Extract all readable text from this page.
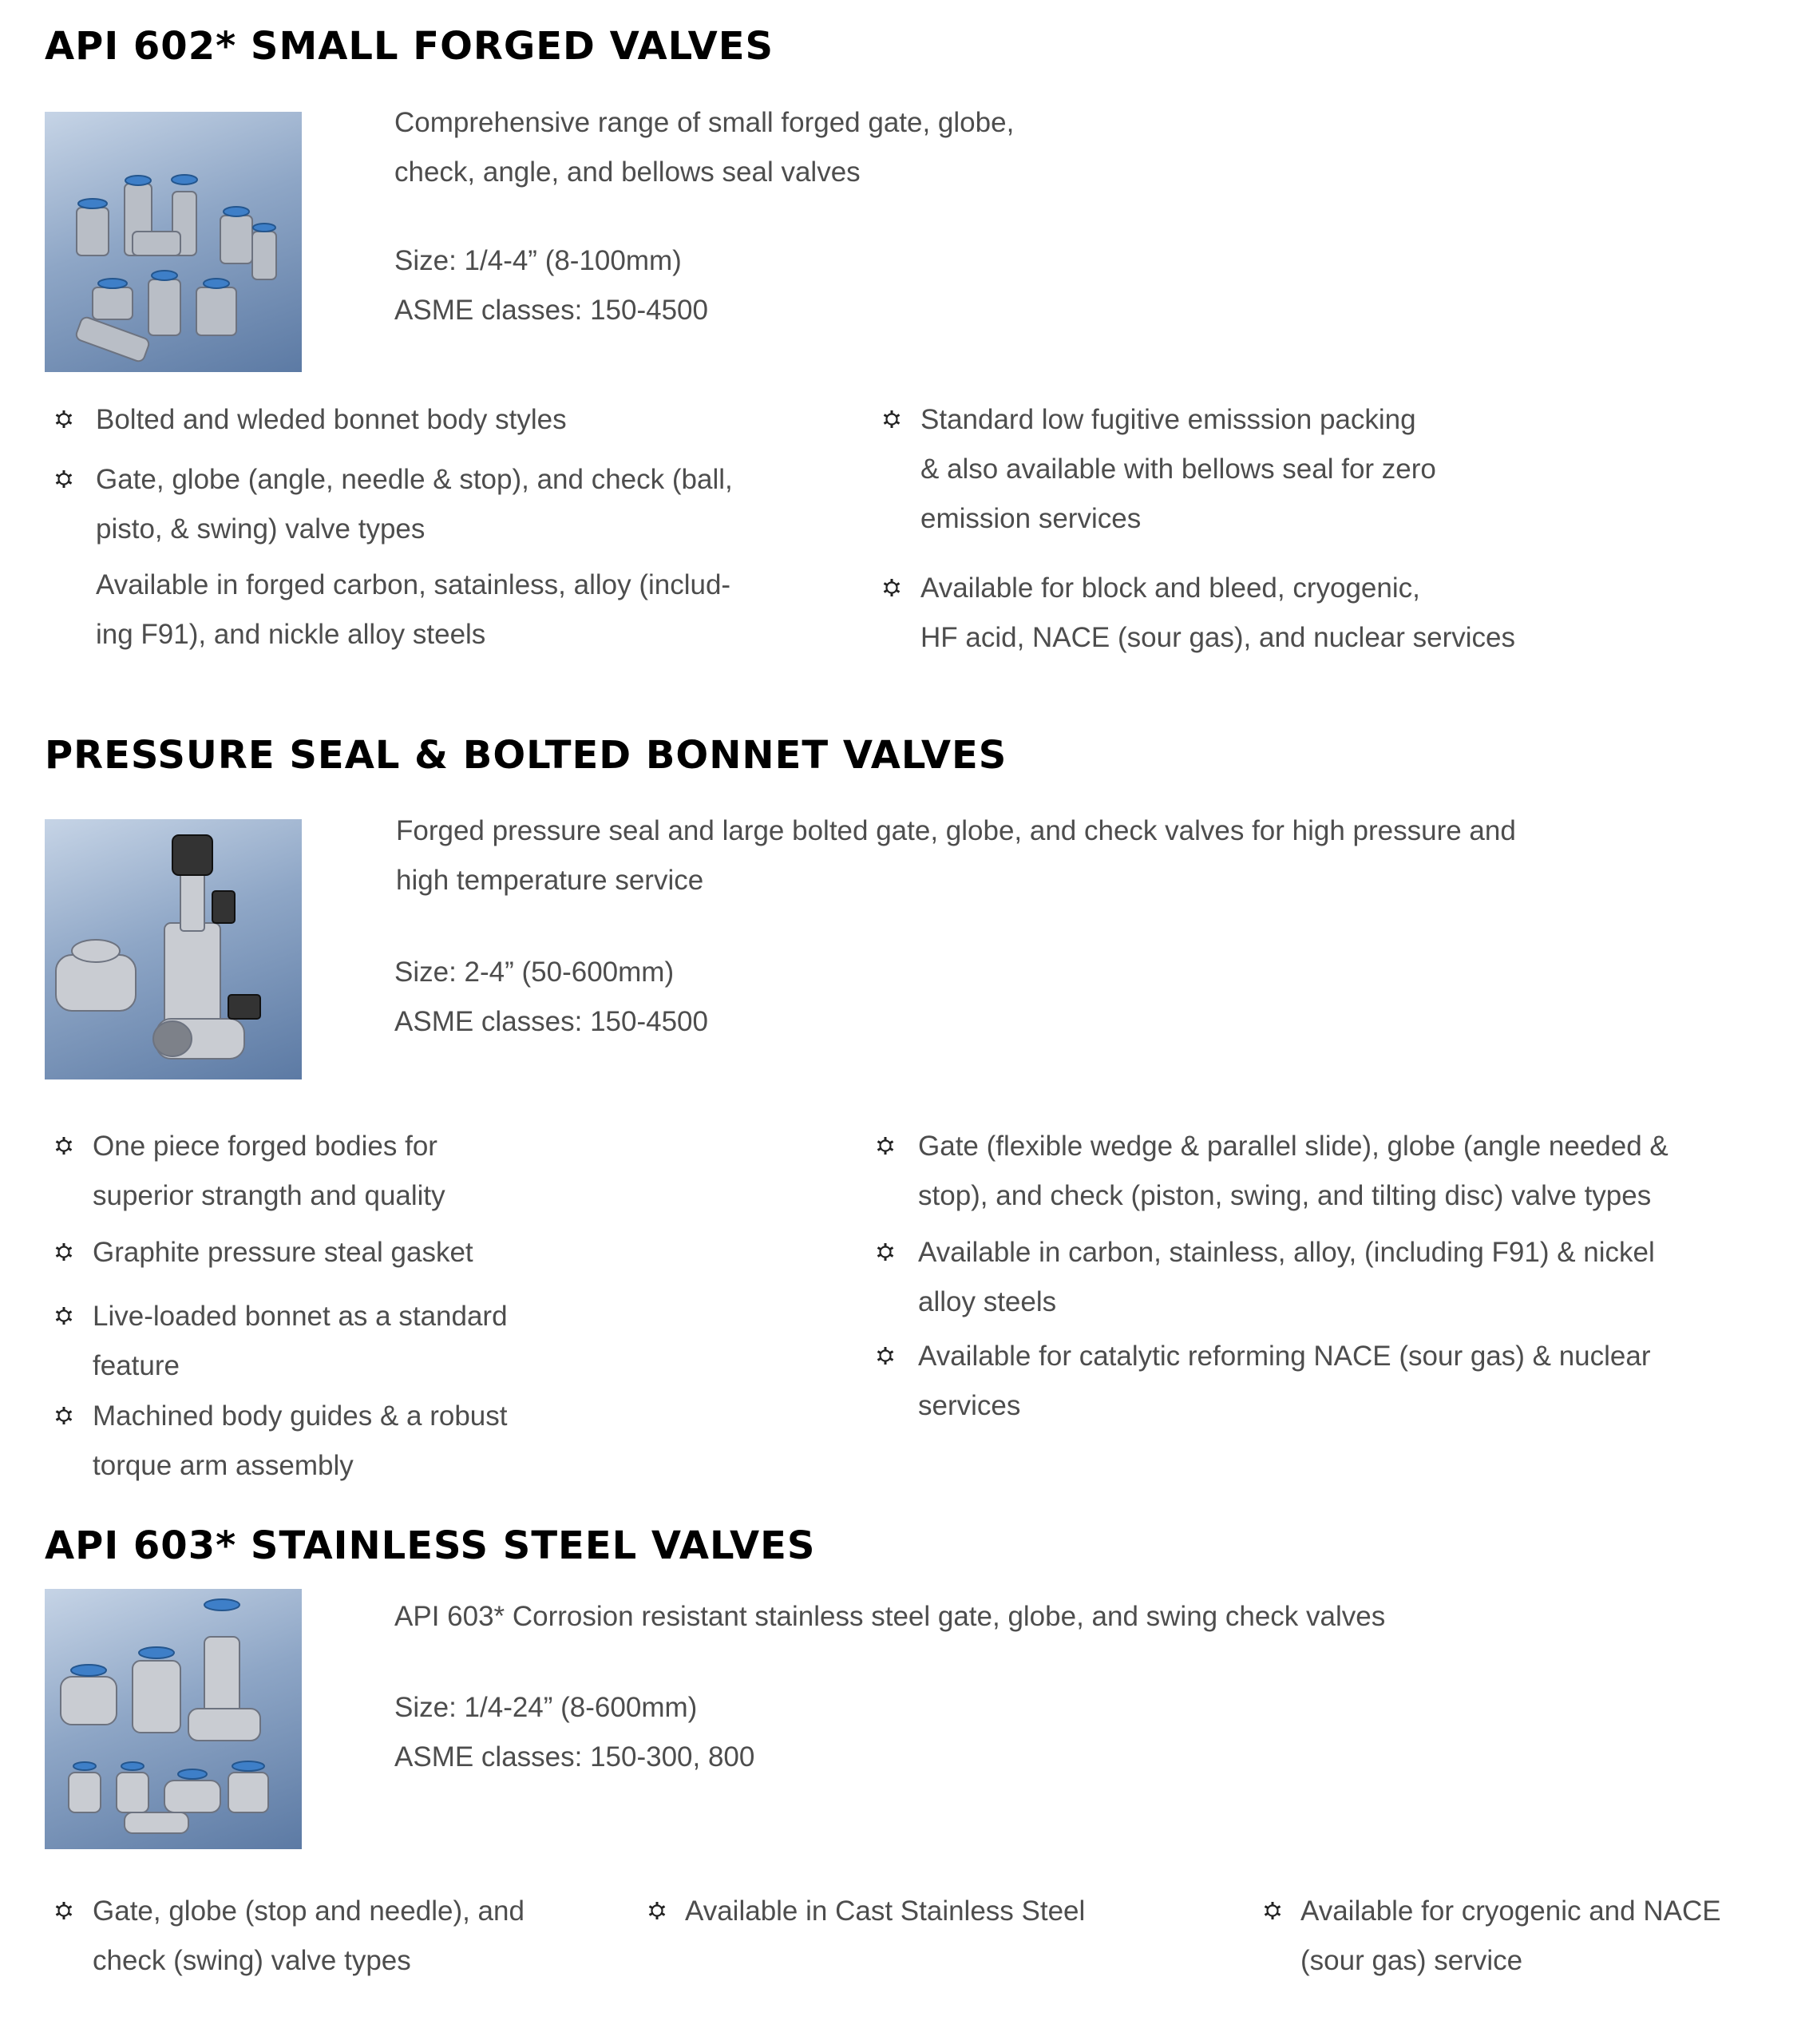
API 602* SMALL FORGED VALVES
Comprehensive range of small forged gate, globe,
check, angle, and bellows seal valves
Size: 1/4-4” (8-100mm)
ASME classes: 150-4500
Bolted and wleded bonnet body styles
Gate, globe (angle, needle & stop), and check (ball,
pisto, & swing) valve types
Available in forged carbon, satainless, alloy (includ-
ing F91), and nickle alloy steels
Standard low fugitive emisssion packing
& also available with bellows seal for zero
emission services
Available for block and bleed, cryogenic,
HF acid, NACE (sour gas), and nuclear services
PRESSURE SEAL & BOLTED BONNET VALVES
Forged pressure seal and large bolted gate, globe, and check valves for high pressure and
high temperature service
Size: 2-4” (50-600mm)
ASME classes: 150-4500
One piece forged bodies for
superior strangth and quality
Graphite pressure steal gasket
Live-loaded bonnet as a standard
feature
Machined body guides & a robust
torque arm assembly
Gate (flexible wedge & parallel slide), globe (angle needed &
stop), and check (piston, swing, and tilting disc) valve types
Available in carbon, stainless, alloy, (including F91) & nickel
alloy steels
Available for catalytic reforming NACE (sour gas) & nuclear
services
API 603* STAINLESS STEEL VALVES
API 603* Corrosion resistant stainless steel gate, globe, and swing check valves
Size: 1/4-24” (8-600mm)
ASME classes: 150-300, 800
Gate, globe (stop and needle), and
check (swing) valve types
Available in Cast Stainless Steel	Available for cryogenic and NACE
(sour gas) service
